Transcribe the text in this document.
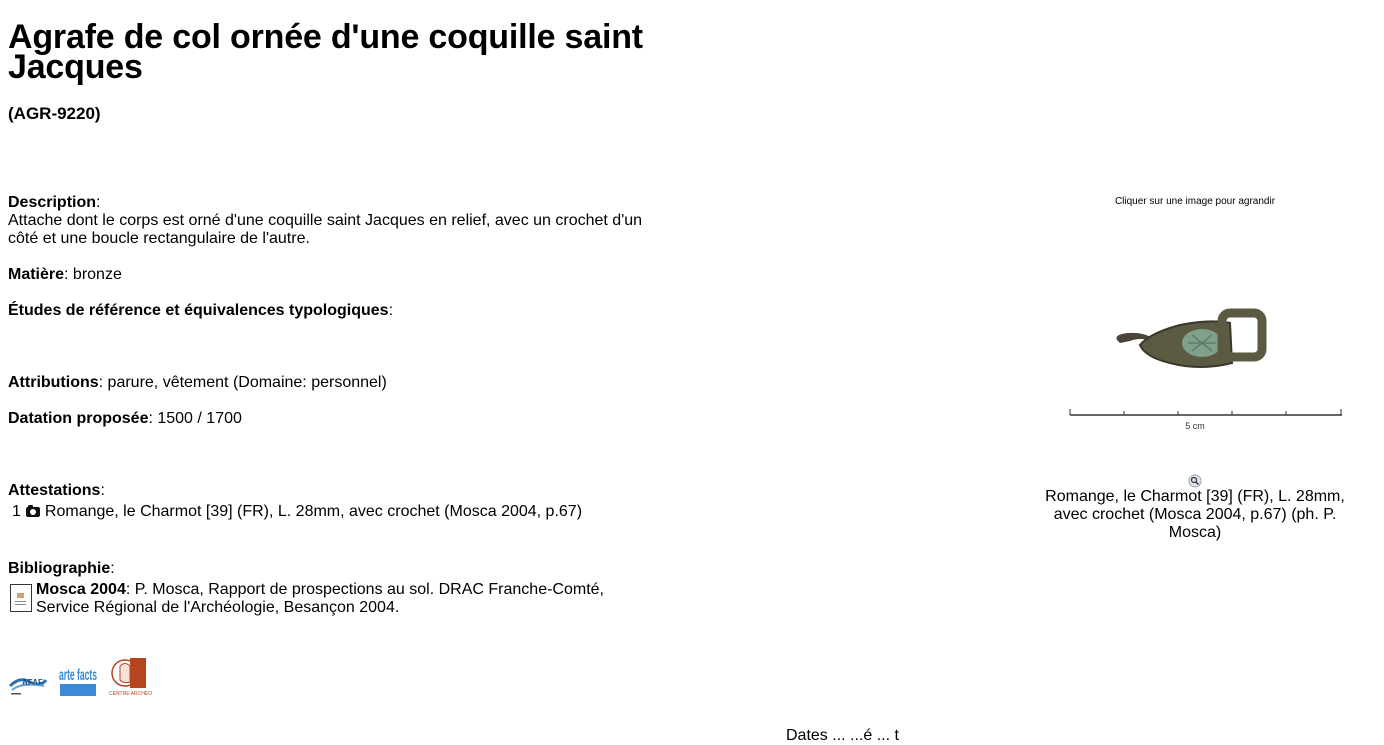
Agrafe de col ornée d'une coquille saint Jacques
(AGR-9220)
Description:
Attache dont le corps est orné d'une coquille saint Jacques en relief, avec un crochet d'un côté et une boucle rectangulaire de l'autre.
Matière: bronze
Études de référence et équivalences typologiques:
Attributions: parure, vêtement (Domaine: personnel)
Datation proposée: 1500 / 1700
Attestations:
1 Romange, le Charmot [39] (FR), L. 28mm, avec crochet (Mosca 2004, p.67)
Bibliographie:
Mosca 2004: P. Mosca, Rapport de prospections au sol. DRAC Franche-Comté, Service Régional de l'Archéologie, Besançon 2004.
AFAF arte facts
CENTRE ARCHÉO
Cliquer sur une image pour agrandir
5 cm
Romange, le Charmot [39] (FR), L. 28mm, avec crochet (Mosca 2004, p.67) (ph. P. Mosca)
Dates ... ...é ... t
